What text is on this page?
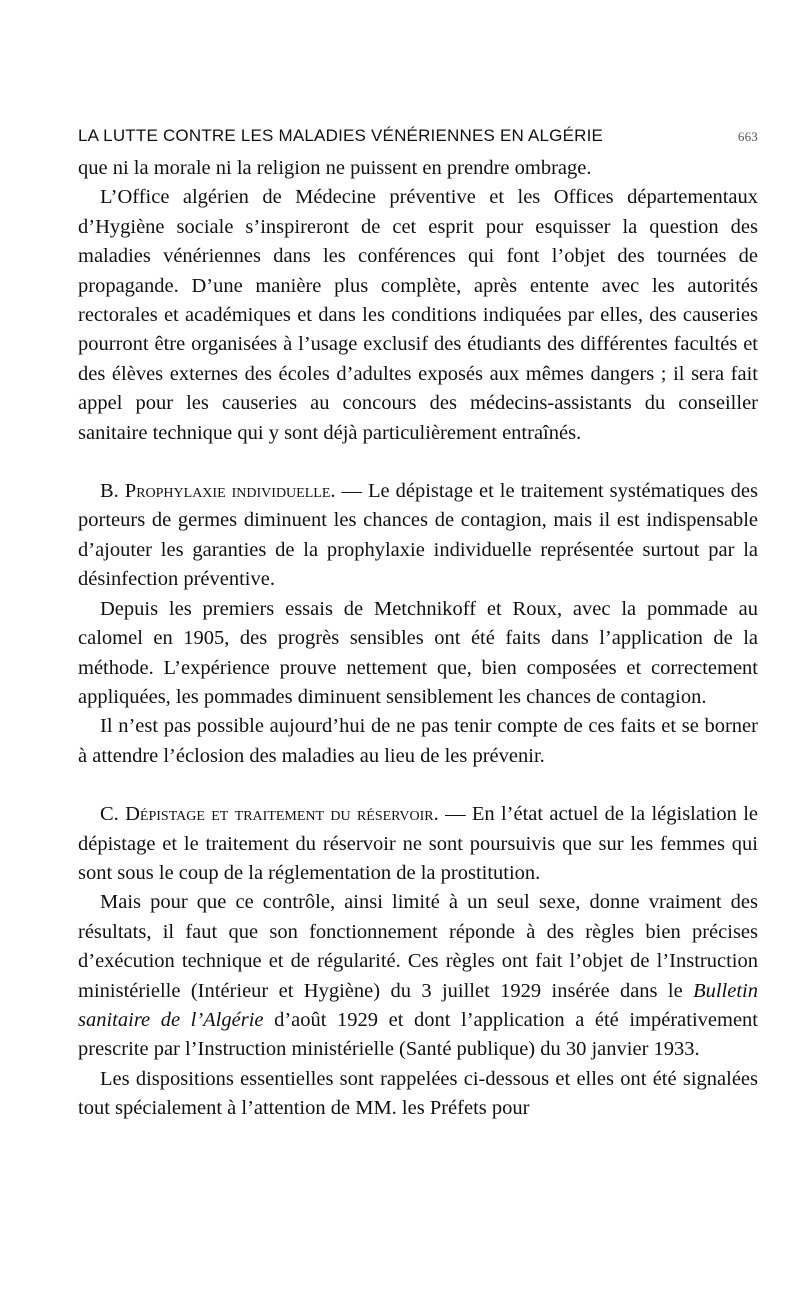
LA LUTTE CONTRE LES MALADIES VÉNÉRIENNES EN ALGÉRIE	663

que ni la morale ni la religion ne puissent en prendre ombrage.

L’Office algérien de Médecine préventive et les Offices départementaux d’Hygiène sociale s’inspireront de cet esprit pour esquisser la question des maladies vénériennes dans les conférences qui font l’objet des tournées de propagande. D’une manière plus complète, après entente avec les autorités rectorales et académiques et dans les conditions indiquées par elles, des causeries pourront être organisées à l’usage exclusif des étudiants des différentes facultés et des élèves externes des écoles d’adultes exposés aux mêmes dangers ; il sera fait appel pour les causeries au concours des médecins-assistants du conseiller sanitaire technique qui y sont déjà particulièrement entraînés.

B. Prophylaxie individuelle. — Le dépistage et le traitement systématiques des porteurs de germes diminuent les chances de contagion, mais il est indispensable d’ajouter les garanties de la prophylaxie individuelle représentée surtout par la désinfection préventive.

Depuis les premiers essais de Metchnikoff et Roux, avec la pommade au calomel en 1905, des progrès sensibles ont été faits dans l’application de la méthode. L’expérience prouve nettement que, bien composées et correctement appliquées, les pommades diminuent sensiblement les chances de contagion.

Il n’est pas possible aujourd’hui de ne pas tenir compte de ces faits et se borner à attendre l’éclosion des maladies au lieu de les prévenir.

C. Dépistage et traitement du réservoir. — En l’état actuel de la législation le dépistage et le traitement du réservoir ne sont poursuivis que sur les femmes qui sont sous le coup de la réglementation de la prostitution.

Mais pour que ce contrôle, ainsi limité à un seul sexe, donne vraiment des résultats, il faut que son fonctionnement réponde à des règles bien précises d’exécution technique et de régularité. Ces règles ont fait l’objet de l’Instruction ministérielle (Intérieur et Hygiène) du 3 juillet 1929 insérée dans le Bulletin sanitaire de l’Algérie d’août 1929 et dont l’application a été impérativement prescrite par l’Instruction ministérielle (Santé publique) du 30 janvier 1933.

Les dispositions essentielles sont rappelées ci-dessous et elles ont été signalées tout spécialement à l’attention de MM. les Préfets pour
